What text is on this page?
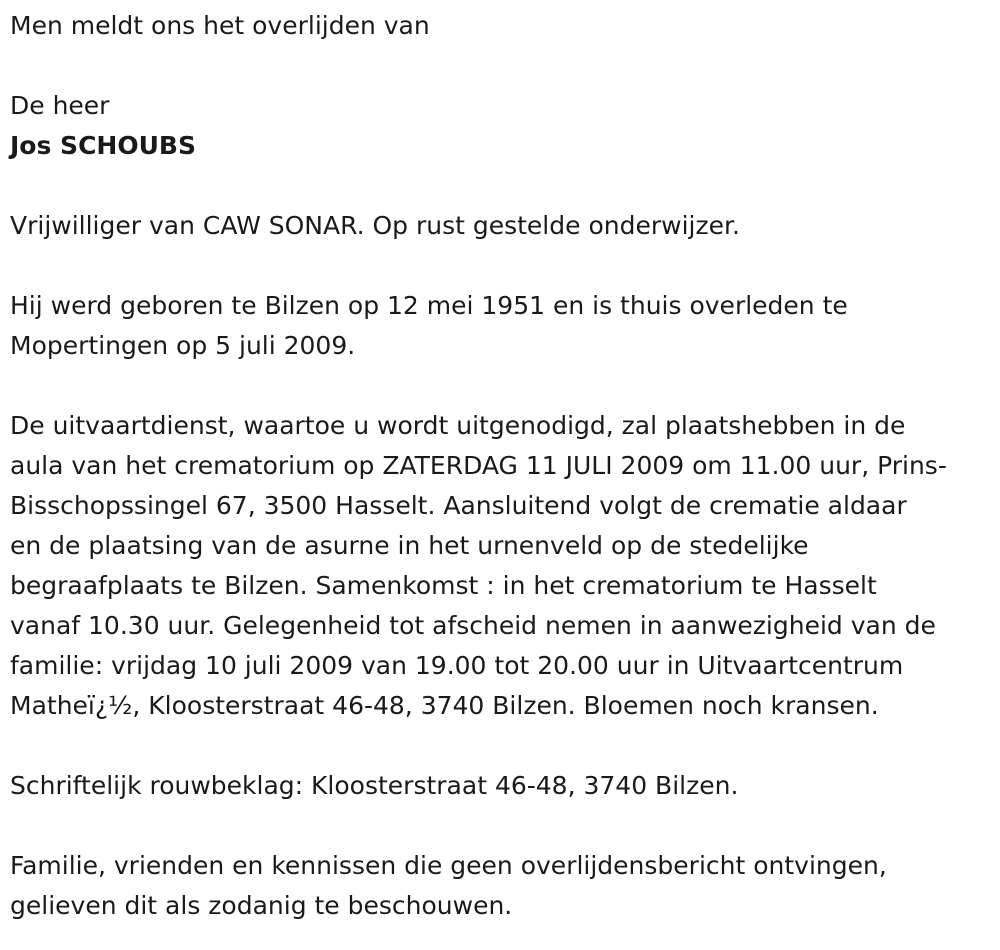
Men meldt ons het overlijden van

De heer

Jos SCHOUBS

Vrijwilliger van CAW SONAR. Op rust gestelde onderwijzer.

Hij werd geboren te Bilzen op 12 mei 1951 en is thuis overleden te

Mopertingen op 5 juli 2009.

De uitvaartdienst, waartoe u wordt uitgenodigd, zal plaatshebben in de

aula van het crematorium op ZATERDAG 11 JULI 2009 om 11.00 uur, Prins-

Bisschopssingel 67, 3500 Hasselt. Aansluitend volgt de crematie aldaar

en de plaatsing van de asurne in het urnenveld op de stedelijke

begraafplaats te Bilzen. Samenkomst : in het crematorium te Hasselt

vanaf 10.30 uur. Gelegenheid tot afscheid nemen in aanwezigheid van de

familie: vrijdag 10 juli 2009 van 19.00 tot 20.00 uur in Uitvaartcentrum

Matheï¿½, Kloosterstraat 46-48, 3740 Bilzen. Bloemen noch kransen.

Schriftelijk rouwbeklag: Kloosterstraat 46-48, 3740 Bilzen.

Familie, vrienden en kennissen die geen overlijdensbericht ontvingen,

gelieven dit als zodanig te beschouwen.
